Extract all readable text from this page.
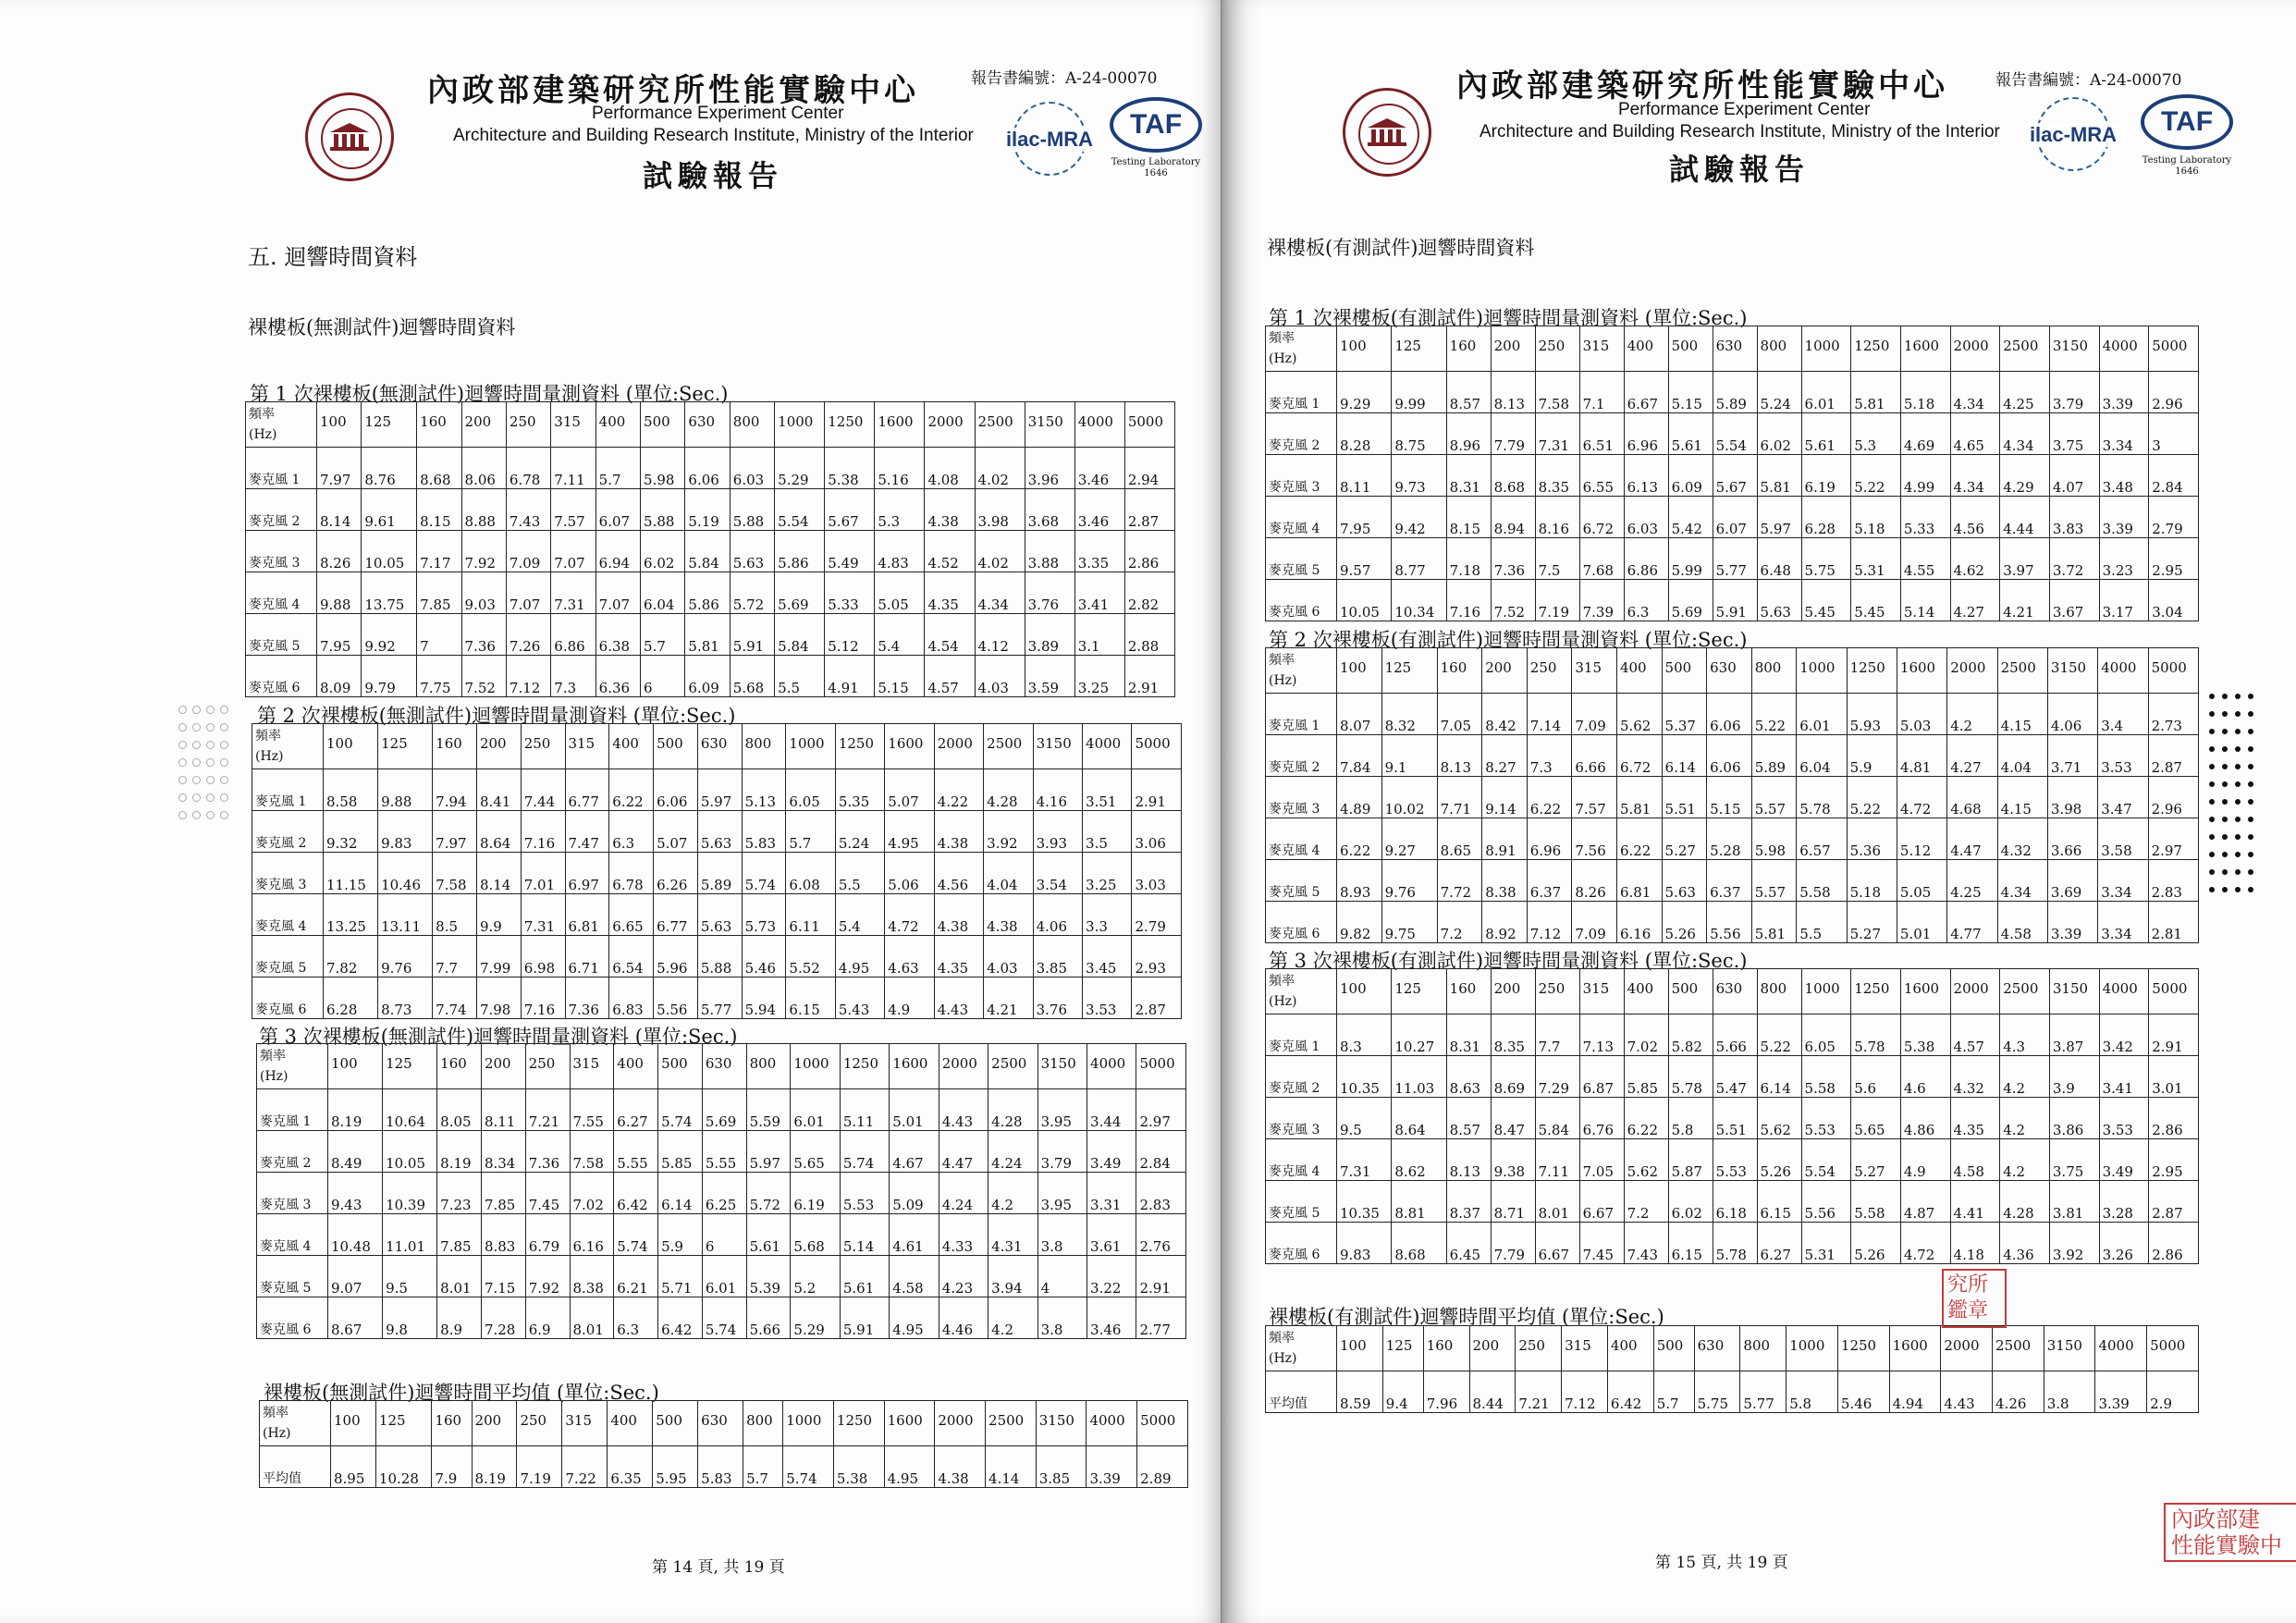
內政部建築研究所性能實驗中心
Performance Experiment Center
Architecture and Building Research Institute, Ministry of the Interior
試驗報告
報告書編號：A-24-00070
ilac-MRA	TAF
Testing Laboratory
1646
五. 迴響時間資料
裸樓板(無測試件)迴響時間資料
第 1 次裸樓板(無測試件)迴響時間量測資料 (單位:Sec.)
頻率
(Hz)	100	125	160	200	250	315	400	500	630	800	1000	1250	1600	2000	2500	3150	4000	5000
麥克風 1	7.97	8.76	8.68	8.06	6.78	7.11	5.7	5.98	6.06	6.03	5.29	5.38	5.16	4.08	4.02	3.96	3.46	2.94
麥克風 2	8.14	9.61	8.15	8.88	7.43	7.57	6.07	5.88	5.19	5.88	5.54	5.67	5.3	4.38	3.98	3.68	3.46	2.87
麥克風 3	8.26	10.05	7.17	7.92	7.09	7.07	6.94	6.02	5.84	5.63	5.86	5.49	4.83	4.52	4.02	3.88	3.35	2.86
麥克風 4	9.88	13.75	7.85	9.03	7.07	7.31	7.07	6.04	5.86	5.72	5.69	5.33	5.05	4.35	4.34	3.76	3.41	2.82
麥克風 5	7.95	9.92	7	7.36	7.26	6.86	6.38	5.7	5.81	5.91	5.84	5.12	5.4	4.54	4.12	3.89	3.1	2.88
麥克風 6	8.09	9.79	7.75	7.52	7.12	7.3	6.36	6	6.09	5.68	5.5	4.91	5.15	4.57	4.03	3.59	3.25	2.91
第 2 次裸樓板(無測試件)迴響時間量測資料 (單位:Sec.)
頻率
(Hz)	100	125	160	200	250	315	400	500	630	800	1000	1250	1600	2000	2500	3150	4000	5000
麥克風 1	8.58	9.88	7.94	8.41	7.44	6.77	6.22	6.06	5.97	5.13	6.05	5.35	5.07	4.22	4.28	4.16	3.51	2.91
麥克風 2	9.32	9.83	7.97	8.64	7.16	7.47	6.3	5.07	5.63	5.83	5.7	5.24	4.95	4.38	3.92	3.93	3.5	3.06
麥克風 3	11.15	10.46	7.58	8.14	7.01	6.97	6.78	6.26	5.89	5.74	6.08	5.5	5.06	4.56	4.04	3.54	3.25	3.03
麥克風 4	13.25	13.11	8.5	9.9	7.31	6.81	6.65	6.77	5.63	5.73	6.11	5.4	4.72	4.38	4.38	4.06	3.3	2.79
麥克風 5	7.82	9.76	7.7	7.99	6.98	6.71	6.54	5.96	5.88	5.46	5.52	4.95	4.63	4.35	4.03	3.85	3.45	2.93
麥克風 6	6.28	8.73	7.74	7.98	7.16	7.36	6.83	5.56	5.77	5.94	6.15	5.43	4.9	4.43	4.21	3.76	3.53	2.87
第 3 次裸樓板(無測試件)迴響時間量測資料 (單位:Sec.)
頻率
(Hz)	100	125	160	200	250	315	400	500	630	800	1000	1250	1600	2000	2500	3150	4000	5000
麥克風 1	8.19	10.64	8.05	8.11	7.21	7.55	6.27	5.74	5.69	5.59	6.01	5.11	5.01	4.43	4.28	3.95	3.44	2.97
麥克風 2	8.49	10.05	8.19	8.34	7.36	7.58	5.55	5.85	5.55	5.97	5.65	5.74	4.67	4.47	4.24	3.79	3.49	2.84
麥克風 3	9.43	10.39	7.23	7.85	7.45	7.02	6.42	6.14	6.25	5.72	6.19	5.53	5.09	4.24	4.2	3.95	3.31	2.83
麥克風 4	10.48	11.01	7.85	8.83	6.79	6.16	5.74	5.9	6	5.61	5.68	5.14	4.61	4.33	4.31	3.8	3.61	2.76
麥克風 5	9.07	9.5	8.01	7.15	7.92	8.38	6.21	5.71	6.01	5.39	5.2	5.61	4.58	4.23	3.94	4	3.22	2.91
麥克風 6	8.67	9.8	8.9	7.28	6.9	8.01	6.3	6.42	5.74	5.66	5.29	5.91	4.95	4.46	4.2	3.8	3.46	2.77
裸樓板(無測試件)迴響時間平均值 (單位:Sec.)
頻率
(Hz)	100	125	160	200	250	315	400	500	630	800	1000	1250	1600	2000	2500	3150	4000	5000
平均值	8.95	10.28	7.9	8.19	7.19	7.22	6.35	5.95	5.83	5.7	5.74	5.38	4.95	4.38	4.14	3.85	3.39	2.89
第 14 頁, 共 19 頁
內政部建築研究所性能實驗中心
Performance Experiment Center
Architecture and Building Research Institute, Ministry of the Interior
試驗報告
報告書編號：A-24-00070
ilac-MRA	TAF
Testing Laboratory
1646
裸樓板(有測試件)迴響時間資料
第 1 次裸樓板(有測試件)迴響時間量測資料 (單位:Sec.)
頻率
(Hz)	100	125	160	200	250	315	400	500	630	800	1000	1250	1600	2000	2500	3150	4000	5000
麥克風 1	9.29	9.99	8.57	8.13	7.58	7.1	6.67	5.15	5.89	5.24	6.01	5.81	5.18	4.34	4.25	3.79	3.39	2.96
麥克風 2	8.28	8.75	8.96	7.79	7.31	6.51	6.96	5.61	5.54	6.02	5.61	5.3	4.69	4.65	4.34	3.75	3.34	3
麥克風 3	8.11	9.73	8.31	8.68	8.35	6.55	6.13	6.09	5.67	5.81	6.19	5.22	4.99	4.34	4.29	4.07	3.48	2.84
麥克風 4	7.95	9.42	8.15	8.94	8.16	6.72	6.03	5.42	6.07	5.97	6.28	5.18	5.33	4.56	4.44	3.83	3.39	2.79
麥克風 5	9.57	8.77	7.18	7.36	7.5	7.68	6.86	5.99	5.77	6.48	5.75	5.31	4.55	4.62	3.97	3.72	3.23	2.95
麥克風 6	10.05	10.34	7.16	7.52	7.19	7.39	6.3	5.69	5.91	5.63	5.45	5.45	5.14	4.27	4.21	3.67	3.17	3.04
第 2 次裸樓板(有測試件)迴響時間量測資料 (單位:Sec.)
頻率
(Hz)	100	125	160	200	250	315	400	500	630	800	1000	1250	1600	2000	2500	3150	4000	5000
麥克風 1	8.07	8.32	7.05	8.42	7.14	7.09	5.62	5.37	6.06	5.22	6.01	5.93	5.03	4.2	4.15	4.06	3.4	2.73
麥克風 2	7.84	9.1	8.13	8.27	7.3	6.66	6.72	6.14	6.06	5.89	6.04	5.9	4.81	4.27	4.04	3.71	3.53	2.87
麥克風 3	4.89	10.02	7.71	9.14	6.22	7.57	5.81	5.51	5.15	5.57	5.78	5.22	4.72	4.68	4.15	3.98	3.47	2.96
麥克風 4	6.22	9.27	8.65	8.91	6.96	7.56	6.22	5.27	5.28	5.98	6.57	5.36	5.12	4.47	4.32	3.66	3.58	2.97
麥克風 5	8.93	9.76	7.72	8.38	6.37	8.26	6.81	5.63	6.37	5.57	5.58	5.18	5.05	4.25	4.34	3.69	3.34	2.83
麥克風 6	9.82	9.75	7.2	8.92	7.12	7.09	6.16	5.26	5.56	5.81	5.5	5.27	5.01	4.77	4.58	3.39	3.34	2.81
第 3 次裸樓板(有測試件)迴響時間量測資料 (單位:Sec.)
頻率
(Hz)	100	125	160	200	250	315	400	500	630	800	1000	1250	1600	2000	2500	3150	4000	5000
麥克風 1	8.3	10.27	8.31	8.35	7.7	7.13	7.02	5.82	5.66	5.22	6.05	5.78	5.38	4.57	4.3	3.87	3.42	2.91
麥克風 2	10.35	11.03	8.63	8.69	7.29	6.87	5.85	5.78	5.47	6.14	5.58	5.6	4.6	4.32	4.2	3.9	3.41	3.01
麥克風 3	9.5	8.64	8.57	8.47	5.84	6.76	6.22	5.8	5.51	5.62	5.53	5.65	4.86	4.35	4.2	3.86	3.53	2.86
麥克風 4	7.31	8.62	8.13	9.38	7.11	7.05	5.62	5.87	5.53	5.26	5.54	5.27	4.9	4.58	4.2	3.75	3.49	2.95
麥克風 5	10.35	8.81	8.37	8.71	8.01	6.67	7.2	6.02	6.18	6.15	5.56	5.58	4.87	4.41	4.28	3.81	3.28	2.87
麥克風 6	9.83	8.68	6.45	7.79	6.67	7.45	7.43	6.15	5.78	6.27	5.31	5.26	4.72	4.18	4.36	3.92	3.26	2.86
裸樓板(有測試件)迴響時間平均值 (單位:Sec.)
頻率
(Hz)	100	125	160	200	250	315	400	500	630	800	1000	1250	1600	2000	2500	3150	4000	5000
平均值	8.59	9.4	7.96	8.44	7.21	7.12	6.42	5.7	5.75	5.77	5.8	5.46	4.94	4.43	4.26	3.8	3.39	2.9
究所 鑑章
第 15 頁, 共 19 頁
內政部建
性能實驗中
